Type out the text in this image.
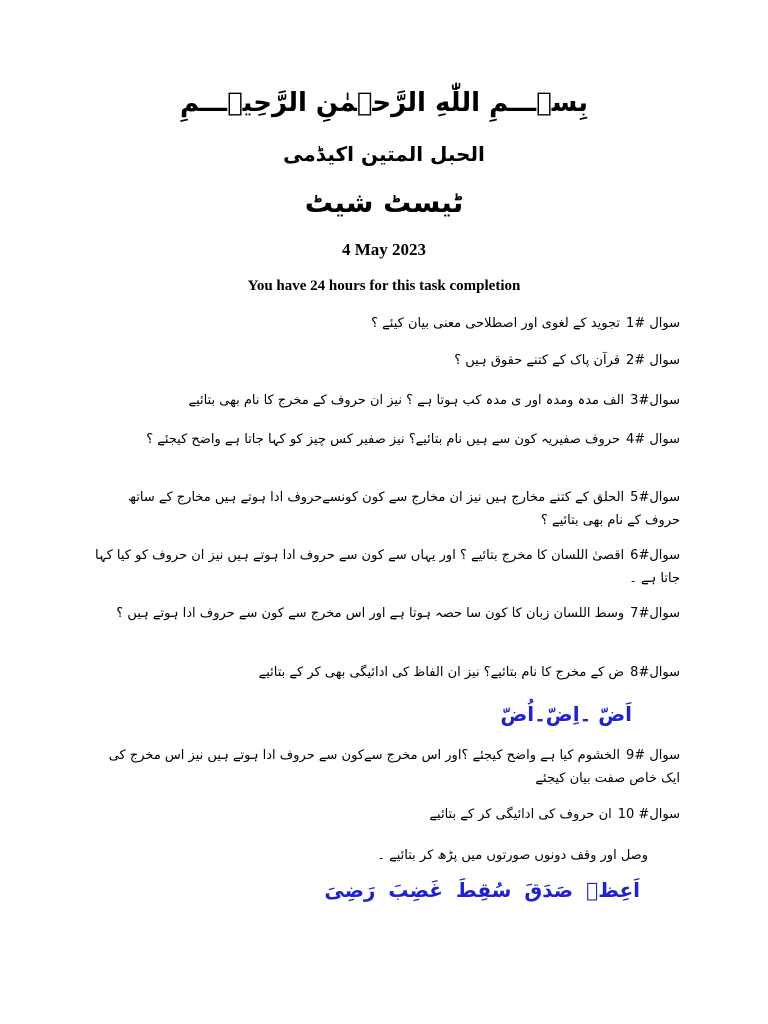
بِسۡـــمِ اللّٰهِ الرَّحۡمٰنِ الرَّحِيۡـــمِ
الحبل المتین اکیڈمی
ٹیسٹ شیٹ
4 May 2023
You have 24 hours for this task completion
سوال #1تجوید کے لغوی اور اصطلاحی معنی بیان کیئے ؟
سوال #2قرآن پاک کے کتنے حقوق ہیں ؟
سوال#3الف مدہ ومدہ اور ی مدہ کب ہوتا ہے ؟ نیز ان حروف کے مخرج کا نام بھی بتائیے
سوال #4حروف صفیریہ کون سے ہیں نام بتائیے؟ نیز صفیر کس چیز کو کہا جاتا ہے واضح کیجئے ؟
سوال#5الحلق کے کتنے مخارج ہیں نیز ان مخارج سے کون کونسےحروف ادا ہوتے ہیں مخارج کے ساتھ حروف کے نام بھی بتائیے ؟
سوال#6اقصیٰ اللسان کا مخرج بتائیے ؟ اور یہاں سے کون سے حروف ادا ہوتے ہیں نیز ان حروف کو کیا کہا جاتا ہے ۔
سوال#7وسط اللسان زبان کا کون سا حصہ ہوتا ہے اور اس مخرج سے کون سے حروف ادا ہوتے ہیں ؟
سوال#8ض کے مخرج کا نام بتائیے؟ نیز ان الفاظ کی ادائیگی بھی کر کے بتائیے
اَضّ ۔اِضّ۔اُضّ
سوال #9الخشوم کیا ہے واضح کیجئے ؟اور اس مخرج سےکون سے حروف ادا ہوتے ہیں نیز اس مخرج کی ایک خاص صفت بیان کیجئے
سوال# 10ان حروف کی ادائیگی کر کے بتائیے
وصل اور وقف دونوں صورتوں میں پڑھ کر بتائیے ۔
اَعِظۡ صَدَقَ سُقِطَ غَضِبَ رَضِیَ
